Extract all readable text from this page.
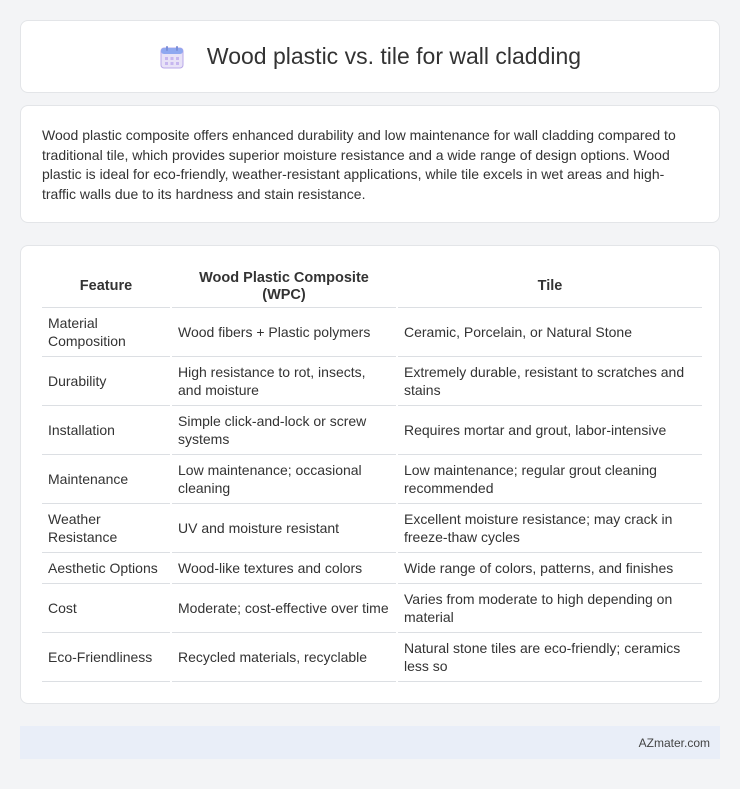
Wood plastic vs. tile for wall cladding

Wood plastic composite offers enhanced durability and low maintenance for wall cladding compared to traditional tile, which provides superior moisture resistance and a wide range of design options. Wood plastic is ideal for eco-friendly, weather-resistant applications, while tile excels in wet areas and high-traffic walls due to its hardness and stain resistance.

Feature	Wood Plastic Composite (WPC)	Tile
Material Composition	Wood fibers + Plastic polymers	Ceramic, Porcelain, or Natural Stone
Durability	High resistance to rot, insects, and moisture	Extremely durable, resistant to scratches and stains
Installation	Simple click-and-lock or screw systems	Requires mortar and grout, labor-intensive
Maintenance	Low maintenance; occasional cleaning	Low maintenance; regular grout cleaning recommended
Weather Resistance	UV and moisture resistant	Excellent moisture resistance; may crack in freeze-thaw cycles
Aesthetic Options	Wood-like textures and colors	Wide range of colors, patterns, and finishes
Cost	Moderate; cost-effective over time	Varies from moderate to high depending on material
Eco-Friendliness	Recycled materials, recyclable	Natural stone tiles are eco-friendly; ceramics less so
AZmater.com
